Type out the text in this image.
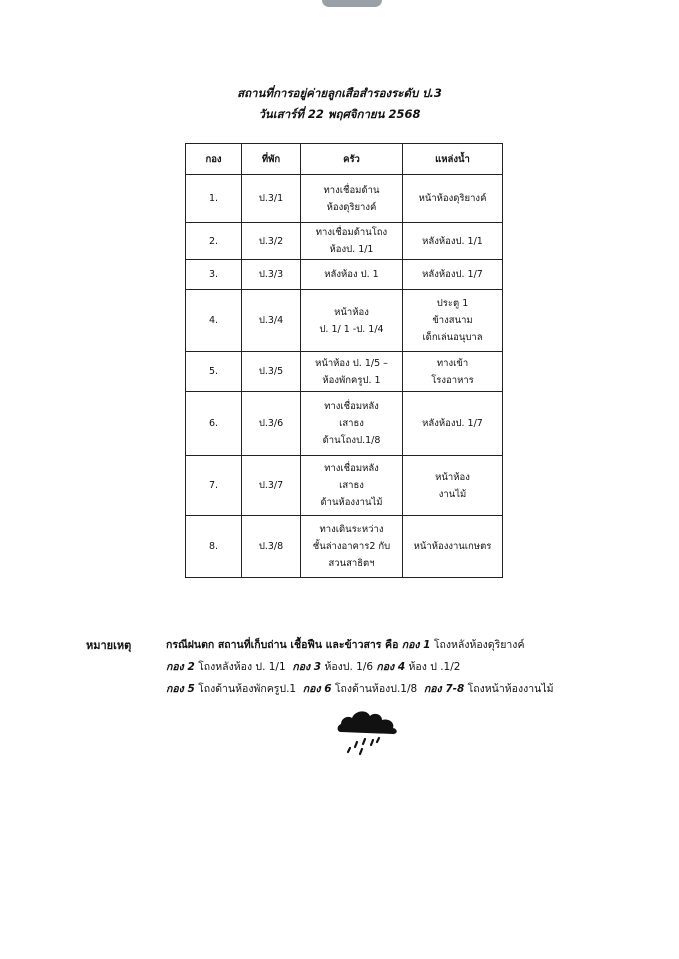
สถานที่การอยู่ค่ายลูกเสือสำรองระดับ ป.3
วันเสาร์ที่ 22 พฤศจิกายน 2568
กอง	ที่พัก	ครัว	แหล่งน้ำ
1.	ป.3/1	ทางเชื่อมด้าน
ห้องดุริยางค์	หน้าห้องดุริยางค์

2.	ป.3/2	ทางเชื่อมด้านโถง
ห้องป. 1/1	หลังห้องป. 1/1

3.	ป.3/3	หลังห้อง ป. 1	หลังห้องป. 1/7

4.	ป.3/4	หน้าห้อง
ป. 1/ 1 -ป. 1/4	ประตู 1
ข้างสนาม
เด็กเล่นอนุบาล

5.	ป.3/5	หน้าห้อง ป. 1/5 –
ห้องพักครูป. 1	ทางเข้า
โรงอาหาร

6.	ป.3/6	ทางเชื่อมหลัง
เสาธง
ด้านโถงป.1/8	หลังห้องป. 1/7

7.	ป.3/7	ทางเชื่อมหลัง
เสาธง
ด้านห้องงานไม้	หน้าห้อง
งานไม้

8.	ป.3/8	ทางเดินระหว่าง
ชั้นล่างอาคาร2 กับ
สวนสาธิตฯ	หน้าห้องงานเกษตร
หมายเหตุ	กรณีฝนตก สถานที่เก็บถ่าน เชื้อฟืน และข้าวสาร คือ กอง 1 โถงหลังห้องดุริยางค์
กอง 2 โถงหลังห้อง ป. 1/1 กอง 3 ห้องป. 1/6 กอง 4 ห้อง ป .1/2
กอง 5 โถงด้านห้องพักครูป.1 กอง 6 โถงด้านห้องป.1/8 กอง 7-8 โถงหน้าห้องงานไม้
